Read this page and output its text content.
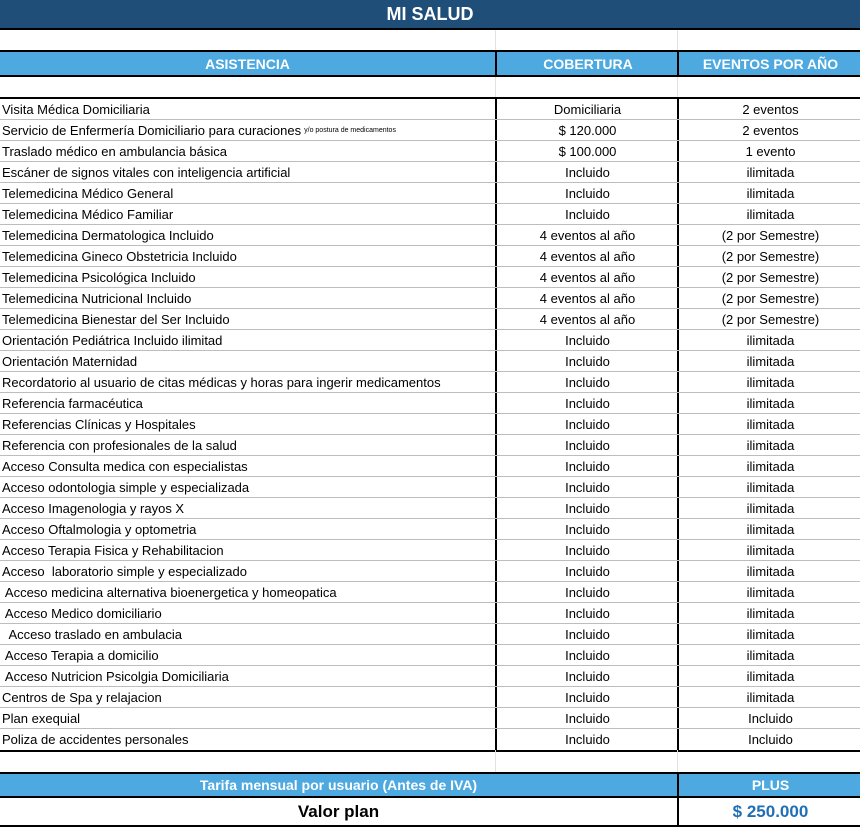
MI SALUD
ASISTENCIA	COBERTURA	EVENTOS POR AÑO
Visita Médica Domiciliaria	Domiciliaria	2 eventos
Servicio de Enfermería Domiciliario para curaciones y/o postura de medicamentos	$ 120.000	2 eventos
Traslado médico en ambulancia básica	$ 100.000	1 evento
Escáner de signos vitales con inteligencia artificial	Incluido	ilimitada
Telemedicina Médico General	Incluido	ilimitada
Telemedicina Médico Familiar	Incluido	ilimitada
Telemedicina Dermatologica Incluido	4 eventos al año	(2 por Semestre)
Telemedicina Gineco Obstetricia Incluido	4 eventos al año	(2 por Semestre)
Telemedicina Psicológica Incluido	4 eventos al año	(2 por Semestre)
Telemedicina Nutricional Incluido	4 eventos al año	(2 por Semestre)
Telemedicina Bienestar del Ser Incluido	4 eventos al año	(2 por Semestre)
Orientación Pediátrica Incluido ilimitad	Incluido	ilimitada
Orientación Maternidad	Incluido	ilimitada
Recordatorio al usuario de citas médicas y horas para ingerir medicamentos	Incluido	ilimitada
Referencia farmacéutica	Incluido	ilimitada
Referencias Clínicas y Hospitales	Incluido	ilimitada
Referencia con profesionales de la salud	Incluido	ilimitada
Acceso Consulta medica con especialistas	Incluido	ilimitada
Acceso odontologia simple y especializada	Incluido	ilimitada
Acceso Imagenologia y rayos X	Incluido	ilimitada
Acceso Oftalmologia y optometria	Incluido	ilimitada
Acceso Terapia Fisica y Rehabilitacion	Incluido	ilimitada
Acceso  laboratorio simple y especializado	Incluido	ilimitada
Acceso medicina alternativa bioenergetica y homeopatica	Incluido	ilimitada
Acceso Medico domiciliario	Incluido	ilimitada
Acceso traslado en ambulacia	Incluido	ilimitada
Acceso Terapia a domicilio	Incluido	ilimitada
Acceso Nutricion Psicolgia Domiciliaria	Incluido	ilimitada
Centros de Spa y relajacion	Incluido	ilimitada
Plan exequial	Incluido	Incluido
Poliza de accidentes personales	Incluido	Incluido
Tarifa mensual por usuario (Antes de IVA)	PLUS
Valor plan	$ 250.000
